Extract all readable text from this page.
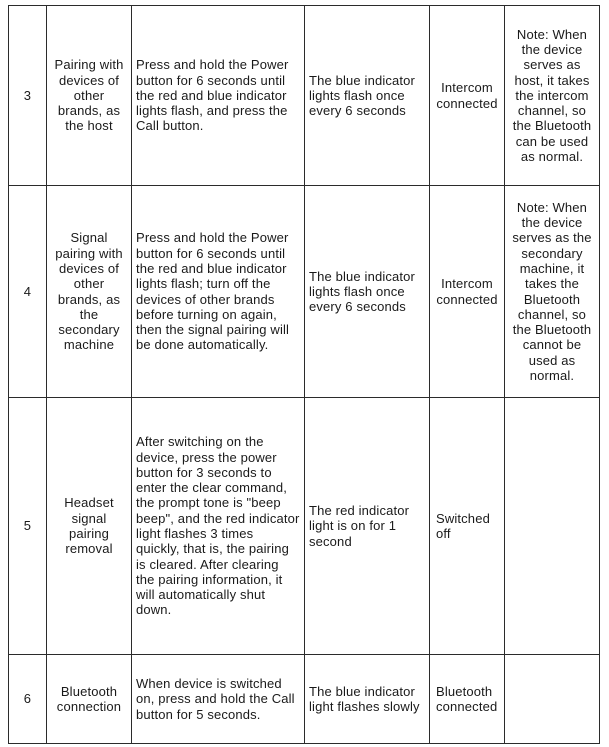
3	Pairing with devices of other brands, as the host	Press and hold the Power button for 6 seconds until the red and blue indicator lights flash, and press the Call button.	The blue indicator lights flash once every 6 seconds	Intercom connected	Note: When the device serves as host, it takes the intercom channel, so the Bluetooth can be used as normal.
4	Signal pairing with devices of other brands, as the secondary machine	Press and hold the Power button for 6 seconds until the red and blue indicator lights flash; turn off the devices of other brands before turning on again, then the signal pairing will be done automatically.	The blue indicator lights flash once every 6 seconds	Intercom connected	Note: When the device serves as the secondary machine, it takes the Bluetooth channel, so the Bluetooth cannot be used as normal.
5	Headset signal pairing removal	After switching on the device, press the power button for 3 seconds to enter the clear command, the prompt tone is "beep beep", and the red indicator light flashes 3 times quickly, that is, the pairing is cleared. After clearing the pairing information, it will automatically shut down.	The red indicator light is on for 1 second	Switched off	
6	Bluetooth connection	When device is switched on, press and hold the Call button for 5 seconds.	The blue indicator light flashes slowly	Bluetooth connected	
